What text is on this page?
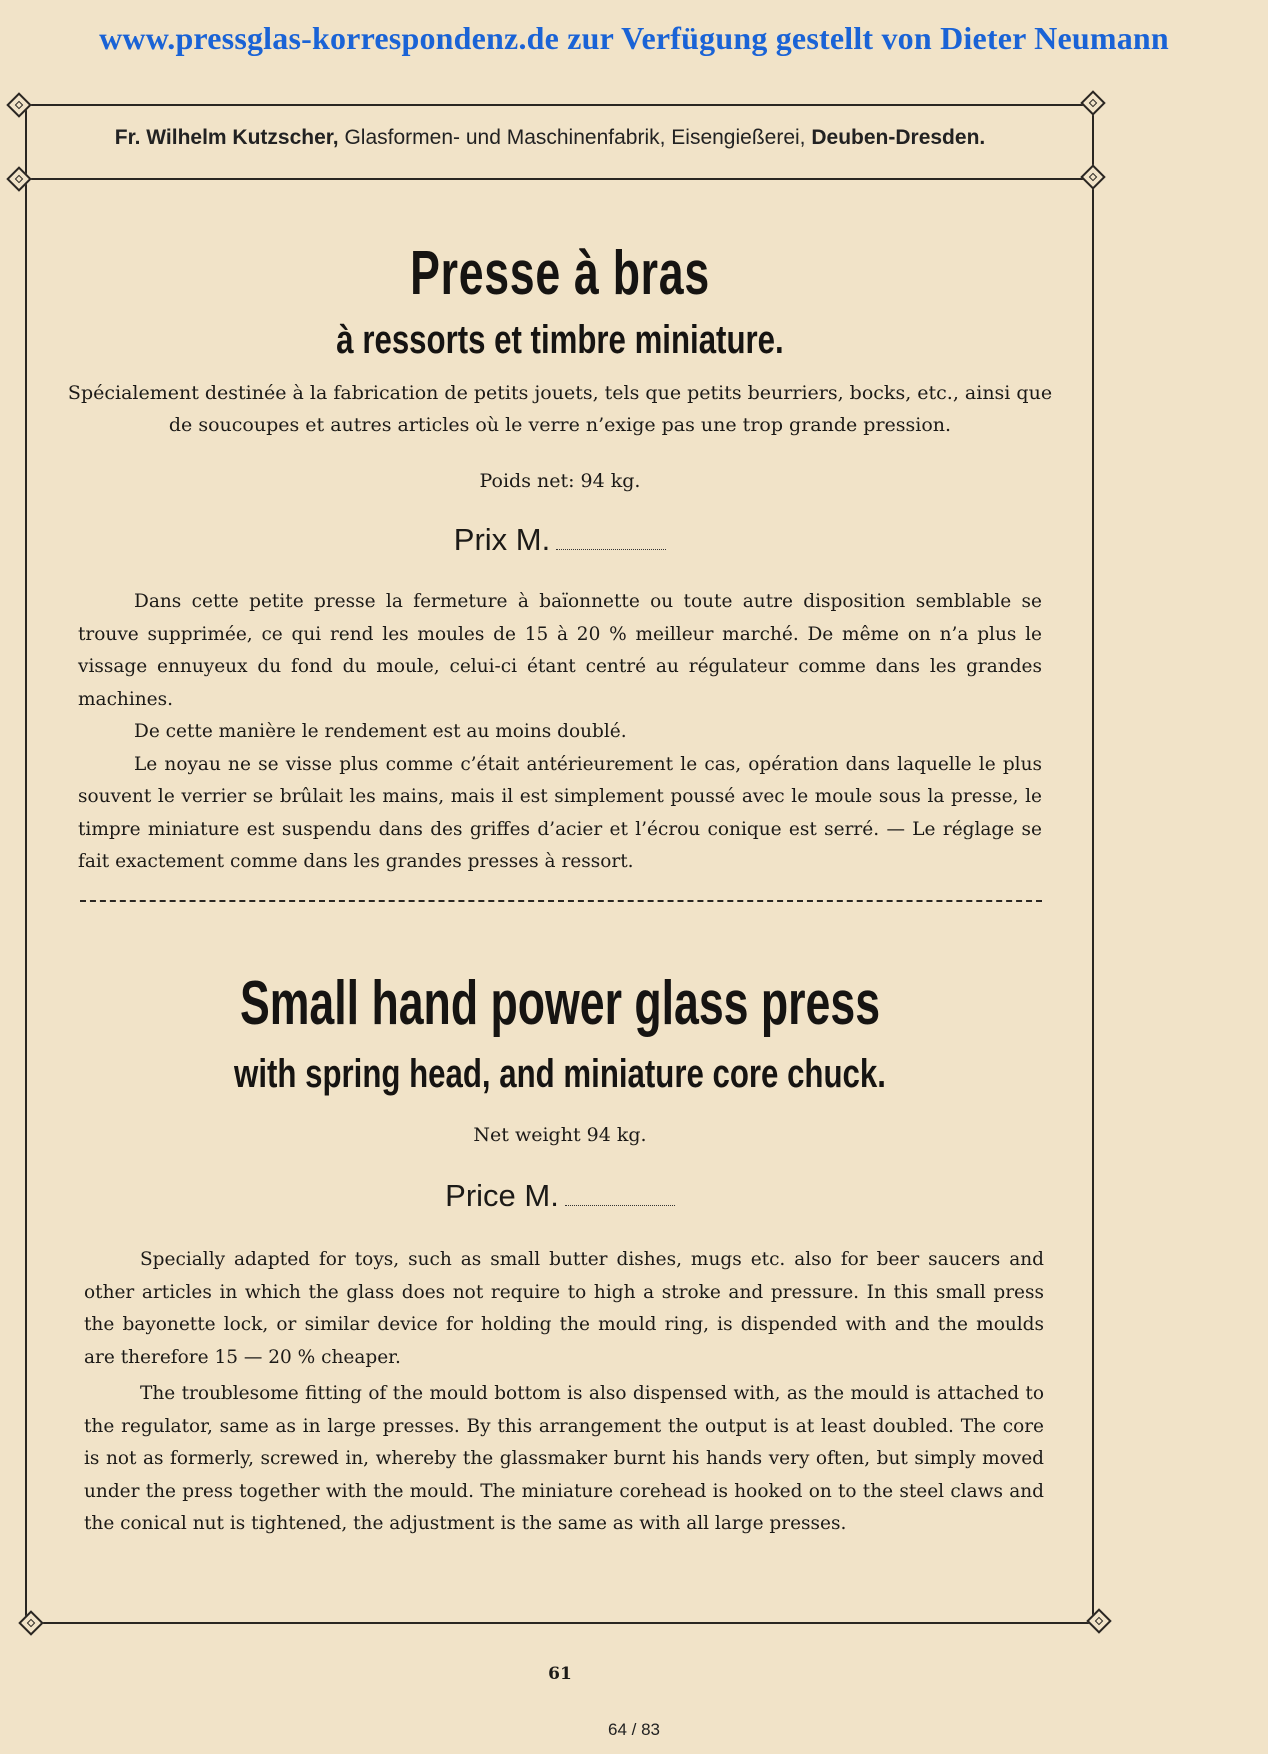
www.pressglas-korrespondenz.de zur Verfügung gestellt von Dieter Neumann
Fr. Wilhelm Kutzscher, Glasformen- und Maschinenfabrik, Eisengießerei, Deuben-Dresden.
Presse à bras
à ressorts et timbre miniature.
Spécialement destinée à la fabrication de petits jouets, tels que petits beurriers, bocks, etc., ainsi que
de soucoupes et autres articles où le verre n’exige pas une trop grande pression.
Poids net: 94 kg.
Prix M.

Dans cette petite presse la fermeture à baïonnette ou toute autre disposition semblable se trouve supprimée, ce qui rend les moules de 15 à 20 % meilleur marché. De même on n’a plus le vissage ennuyeux du fond du moule, celui-ci étant centré au régulateur comme dans les grandes machines.

De cette manière le rendement est au moins doublé.

Le noyau ne se visse plus comme c’était antérieurement le cas, opération dans laquelle le plus souvent le verrier se brûlait les mains, mais il est simplement poussé avec le moule sous la presse, le timpre miniature est suspendu dans des griffes d’acier et l’écrou conique est serré. — Le réglage se fait exactement comme dans les grandes presses à ressort.

Small hand power glass press
with spring head, and miniature core chuck.
Net weight 94 kg.
Price M.

Specially adapted for toys, such as small butter dishes, mugs etc. also for beer saucers and other articles in which the glass does not require to high a stroke and pressure. In this small press the bayonette lock, or similar device for holding the mould ring, is dispended with and the moulds are therefore 15 — 20 % cheaper.

The troublesome fitting of the mould bottom is also dispensed with, as the mould is attached to the regulator, same as in large presses. By this arrangement the output is at least doubled. The core is not as formerly, screwed in, whereby the glassmaker burnt his hands very often, but simply moved under the press together with the mould. The miniature corehead is hooked on to the steel claws and the conical nut is tightened, the adjustment is the same as with all large presses.

61
64 / 83
